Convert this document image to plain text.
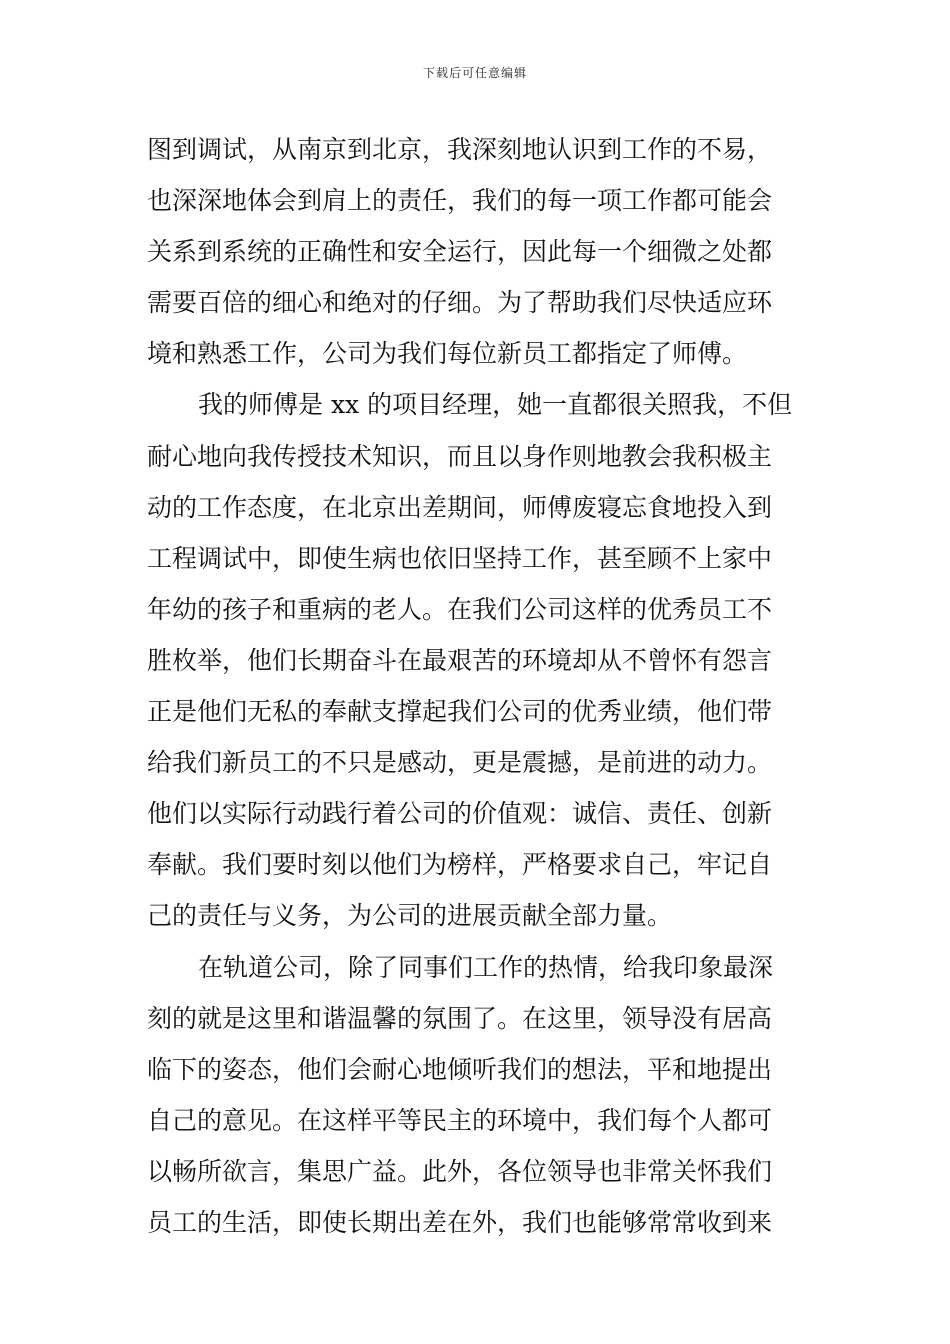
下载后可任意编辑
图到调试，从南京到北京，我深刻地认识到工作的不易，
也深深地体会到肩上的责任，我们的每一项工作都可能会
关系到系统的正确性和安全运行，因此每一个细微之处都
需要百倍的细心和绝对的仔细。为了帮助我们尽快适应环
境和熟悉工作，公司为我们每位新员工都指定了师傅。
我的师傅是 xx 的项目经理，她一直都很关照我，不但
耐心地向我传授技术知识，而且以身作则地教会我积极主
动的工作态度，在北京出差期间，师傅废寝忘食地投入到
工程调试中，即使生病也依旧坚持工作，甚至顾不上家中
年幼的孩子和重病的老人。在我们公司这样的优秀员工不
胜枚举，他们长期奋斗在最艰苦的环境却从不曾怀有怨言
正是他们无私的奉献支撑起我们公司的优秀业绩，他们带
给我们新员工的不只是感动，更是震撼，是前进的动力。
他们以实际行动践行着公司的价值观：诚信、责任、创新
奉献。我们要时刻以他们为榜样，严格要求自己，牢记自
己的责任与义务，为公司的进展贡献全部力量。
在轨道公司，除了同事们工作的热情，给我印象最深
刻的就是这里和谐温馨的氛围了。在这里，领导没有居高
临下的姿态，他们会耐心地倾听我们的想法，平和地提出
自己的意见。在这样平等民主的环境中，我们每个人都可
以畅所欲言，集思广益。此外，各位领导也非常关怀我们
员工的生活，即使长期出差在外，我们也能够常常收到来
